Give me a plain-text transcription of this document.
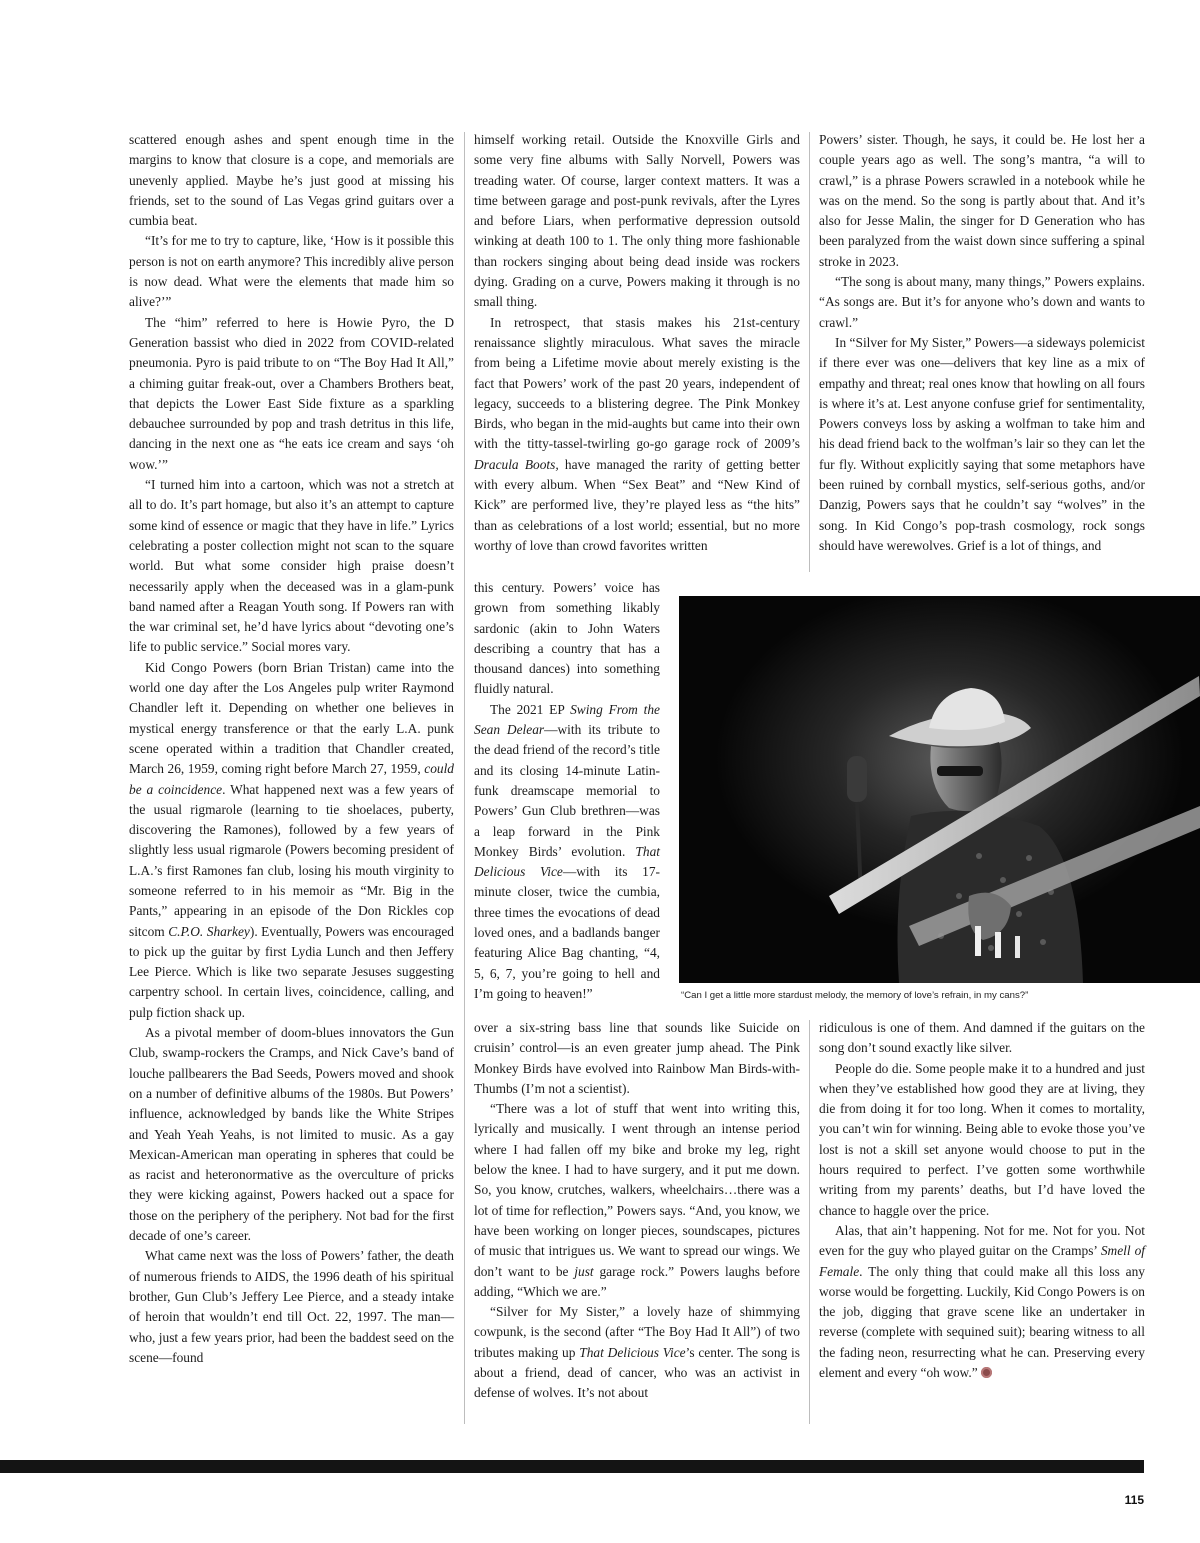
scattered enough ashes and spent enough time in the margins to know that closure is a cope, and memorials are unevenly applied. Maybe he’s just good at missing his friends, set to the sound of Las Vegas grind guitars over a cumbia beat.

“It’s for me to try to capture, like, ‘How is it possible this person is not on earth anymore? This incredibly alive person is now dead. What were the elements that made him so alive?’”

The “him” referred to here is Howie Pyro, the D Generation bassist who died in 2022 from COVID-related pneumonia. Pyro is paid tribute to on “The Boy Had It All,” a chiming guitar freak-out, over a Chambers Brothers beat, that depicts the Lower East Side fixture as a sparkling debauchee surrounded by pop and trash detritus in this life, dancing in the next one as “he eats ice cream and says ‘oh wow.’”

“I turned him into a cartoon, which was not a stretch at all to do. It’s part homage, but also it’s an attempt to capture some kind of essence or magic that they have in life.” Lyrics celebrating a poster collection might not scan to the square world. But what some consider high praise doesn’t necessarily apply when the deceased was in a glam-punk band named after a Reagan Youth song. If Powers ran with the war criminal set, he’d have lyrics about “devoting one’s life to public service.” Social mores vary.

Kid Congo Powers (born Brian Tristan) came into the world one day after the Los Angeles pulp writer Raymond Chandler left it. Depending on whether one believes in mystical energy transference or that the early L.A. punk scene operated within a tradition that Chandler created, March 26, 1959, coming right before March 27, 1959, could be a coincidence. What happened next was a few years of the usual rigmarole (learning to tie shoelaces, puberty, discovering the Ramones), followed by a few years of slightly less usual rigmarole (Powers becoming president of L.A.’s first Ramones fan club, losing his mouth virginity to someone referred to in his memoir as “Mr. Big in the Pants,” appearing in an episode of the Don Rickles cop sitcom C.P.O. Sharkey). Eventually, Powers was encouraged to pick up the guitar by first Lydia Lunch and then Jeffery Lee Pierce. Which is like two separate Jesuses suggesting carpentry school. In certain lives, coincidence, calling, and pulp fiction shack up.

As a pivotal member of doom-blues innovators the Gun Club, swamp-rockers the Cramps, and Nick Cave’s band of louche pallbearers the Bad Seeds, Powers moved and shook on a number of definitive albums of the 1980s. But Powers’ influence, acknowledged by bands like the White Stripes and Yeah Yeah Yeahs, is not limited to music. As a gay Mexican-American man operating in spheres that could be as racist and heteronormative as the overculture of pricks they were kicking against, Powers hacked out a space for those on the periphery of the periphery. Not bad for the first decade of one’s career.

What came next was the loss of Powers’ father, the death of numerous friends to AIDS, the 1996 death of his spiritual brother, Gun Club’s Jeffery Lee Pierce, and a steady intake of heroin that wouldn’t end till Oct. 22, 1997. The man—who, just a few years prior, had been the baddest seed on the scene—found

himself working retail. Outside the Knoxville Girls and some very fine albums with Sally Norvell, Powers was treading water. Of course, larger context matters. It was a time between garage and post-punk revivals, after the Lyres and before Liars, when performative depression outsold winking at death 100 to 1. The only thing more fashionable than rockers singing about being dead inside was rockers dying. Grading on a curve, Powers making it through is no small thing.

In retrospect, that stasis makes his 21st-century renaissance slightly miraculous. What saves the miracle from being a Lifetime movie about merely existing is the fact that Powers’ work of the past 20 years, independent of legacy, succeeds to a blistering degree. The Pink Monkey Birds, who began in the mid-aughts but came into their own with the titty-tassel-twirling go-go garage rock of 2009’s Dracula Boots, have managed the rarity of getting better with every album. When “Sex Beat” and “New Kind of Kick” are performed live, they’re played less as “the hits” than as celebrations of a lost world; essential, but no more worthy of love than crowd favorites written

this century. Powers’ voice has grown from something likably sardonic (akin to John Waters describing a country that has a thousand dances) into something fluidly natural.

The 2021 EP Swing From the Sean Delear—with its tribute to the dead friend of the record’s title and its closing 14-minute Latin-funk dreamscape memorial to Powers’ Gun Club brethren—was a leap forward in the Pink Monkey Birds’ evolution. That Delicious Vice—with its 17-minute closer, twice the cumbia, three times the evocations of dead loved ones, and a badlands banger featuring Alice Bag chanting, “4, 5, 6, 7, you’re going to hell and I’m going to heaven!”

over a six-string bass line that sounds like Suicide on cruisin’ control—is an even greater jump ahead. The Pink Monkey Birds have evolved into Rainbow Man Birds-with-Thumbs (I’m not a scientist).

“There was a lot of stuff that went into writing this, lyrically and musically. I went through an intense period where I had fallen off my bike and broke my leg, right below the knee. I had to have surgery, and it put me down. So, you know, crutches, walkers, wheelchairs…there was a lot of time for reflection,” Powers says. “And, you know, we have been working on longer pieces, soundscapes, pictures of music that intrigues us. We want to spread our wings. We don’t want to be just garage rock.” Powers laughs before adding, “Which we are.”

“Silver for My Sister,” a lovely haze of shimmying cowpunk, is the second (after “The Boy Had It All”) of two tributes making up That Delicious Vice’s center. The song is about a friend, dead of cancer, who was an activist in defense of wolves. It’s not about

Powers’ sister. Though, he says, it could be. He lost her a couple years ago as well. The song’s mantra, “a will to crawl,” is a phrase Powers scrawled in a notebook while he was on the mend. So the song is partly about that. And it’s also for Jesse Malin, the singer for D Generation who has been paralyzed from the waist down since suffering a spinal stroke in 2023.

“The song is about many, many things,” Powers explains. “As songs are. But it’s for anyone who’s down and wants to crawl.”

In “Silver for My Sister,” Powers—a sideways polemicist if there ever was one—delivers that key line as a mix of empathy and threat; real ones know that howling on all fours is where it’s at. Lest anyone confuse grief for sentimentality, Powers conveys loss by asking a wolfman to take him and his dead friend back to the wolfman’s lair so they can let the fur fly. Without explicitly saying that some metaphors have been ruined by cornball mystics, self-serious goths, and/or Danzig, Powers says that he couldn’t say “wolves” in the song. In Kid Congo’s pop-trash cosmology, rock songs should have werewolves. Grief is a lot of things, and

ridiculous is one of them. And damned if the guitars on the song don’t sound exactly like silver.

People do die. Some people make it to a hundred and just when they’ve established how good they are at living, they die from doing it for too long. When it comes to mortality, you can’t win for winning. Being able to evoke those you’ve lost is not a skill set anyone would choose to put in the hours required to perfect. I’ve gotten some worthwhile writing from my parents’ deaths, but I’d have loved the chance to haggle over the price.

Alas, that ain’t happening. Not for me. Not for you. Not even for the guy who played guitar on the Cramps’ Smell of Female. The only thing that could make all this loss any worse would be forgetting. Luckily, Kid Congo Powers is on the job, digging that grave scene like an undertaker in reverse (complete with sequined suit); bearing witness to all the fading neon, resurrecting what he can. Preserving every element and every “oh wow.”

“Can I get a little more stardust melody, the memory of love’s refrain, in my cans?”
115
